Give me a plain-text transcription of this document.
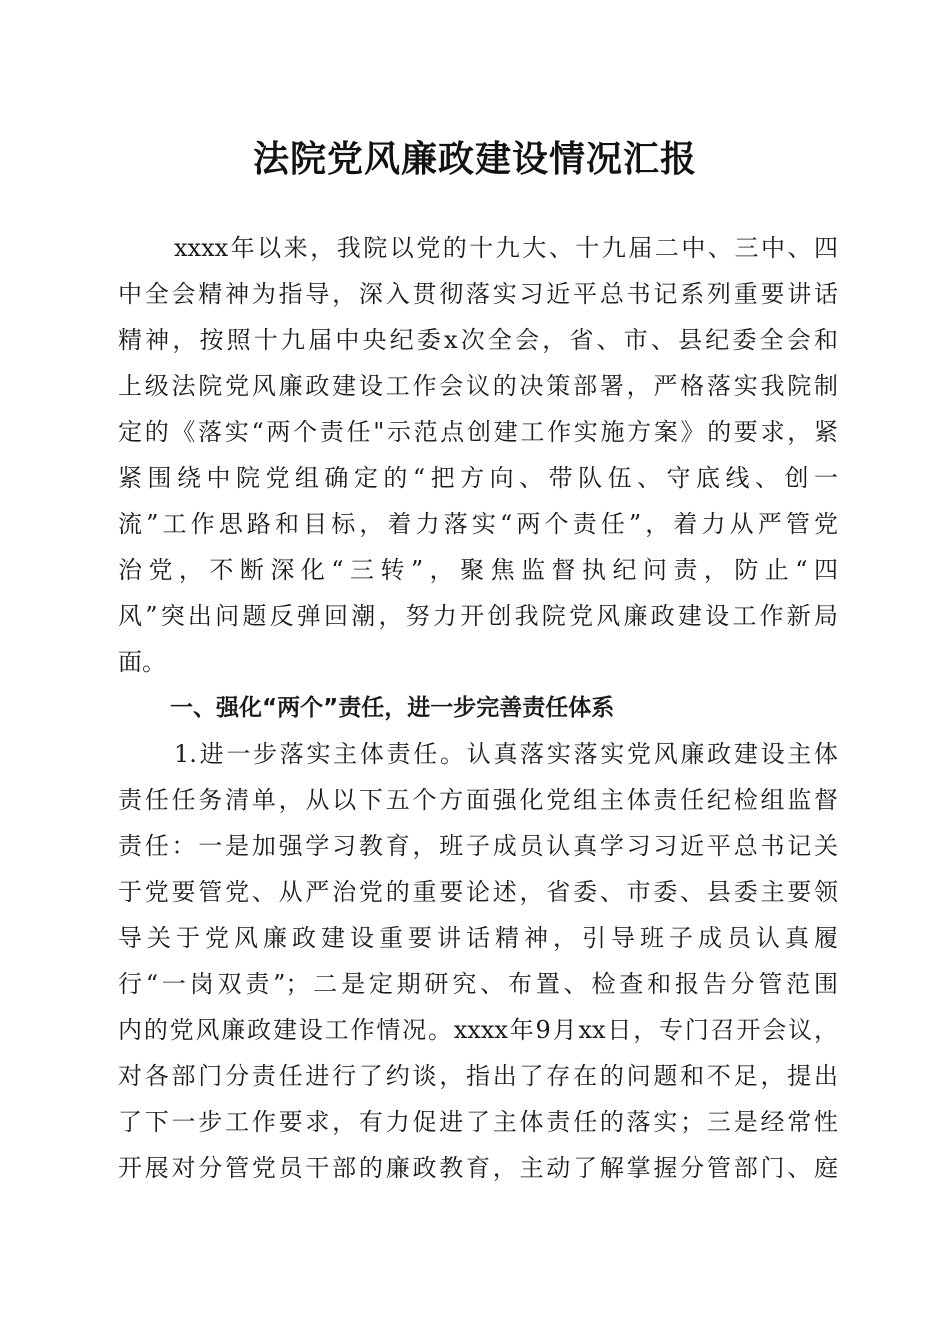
法院党风廉政建设情况汇报
xxxx年以来，我院以党的十九大、十九届二中、三中、四
中全会精神为指导，深入贯彻落实习近平总书记系列重要讲话
精神，按照十九届中央纪委x次全会，省、市、县纪委全会和
上级法院党风廉政建设工作会议的决策部署，严格落实我院制
定的《落实“两个责任"示范点创建工作实施方案》的要求，紧
紧围绕中院党组确定的“把方向、带队伍、守底线、创一
流”工作思路和目标，着力落实“两个责任”，着力从严管党
治党，不断深化“三转”，聚焦监督执纪问责，防止“四
风”突出问题反弹回潮，努力开创我院党风廉政建设工作新局
面。
一、强化“两个”责任，进一步完善责任体系
1.进一步落实主体责任。认真落实落实党风廉政建设主体
责任任务清单，从以下五个方面强化党组主体责任纪检组监督
责任：一是加强学习教育，班子成员认真学习习近平总书记关
于党要管党、从严治党的重要论述，省委、市委、县委主要领
导关于党风廉政建设重要讲话精神，引导班子成员认真履
行“一岗双责”；二是定期研究、布置、检查和报告分管范围
内的党风廉政建设工作情况。xxxx年9月xx日，专门召开会议，
对各部门分责任进行了约谈，指出了存在的问题和不足，提出
了下一步工作要求，有力促进了主体责任的落实；三是经常性
开展对分管党员干部的廉政教育，主动了解掌握分管部门、庭
